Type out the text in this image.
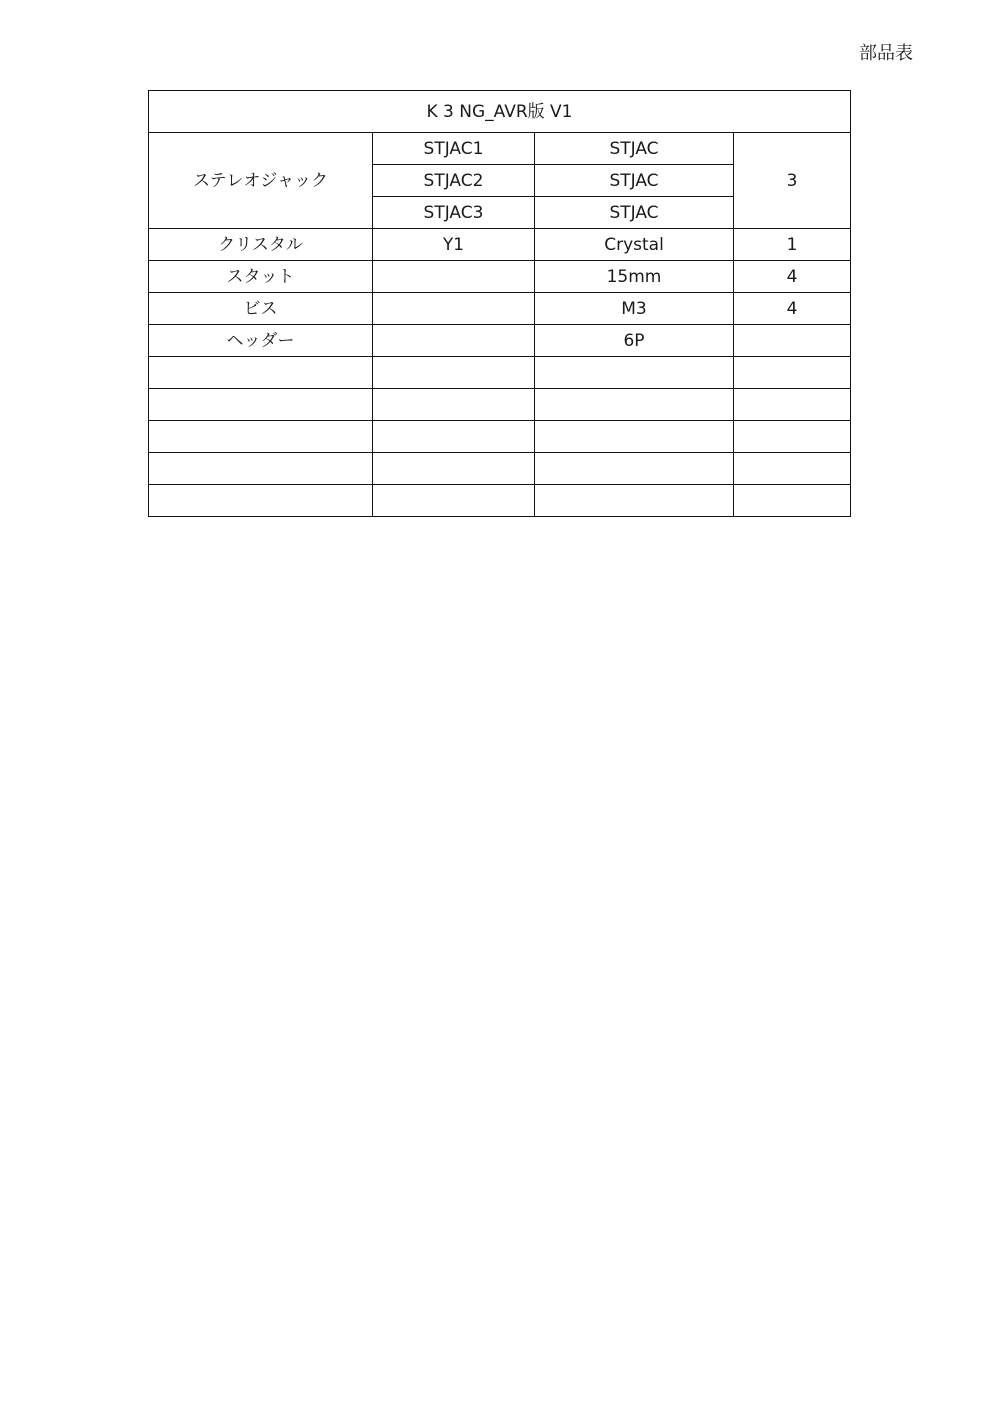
部品表
K 3 NG_AVR版 V1			
ステレオジャック	STJAC1	STJAC	3
	STJAC2	STJAC	
	STJAC3	STJAC	
クリスタル	Y1	Crystal	1
スタット		15mm	4
ビス		M3	4
ヘッダー		6P	
